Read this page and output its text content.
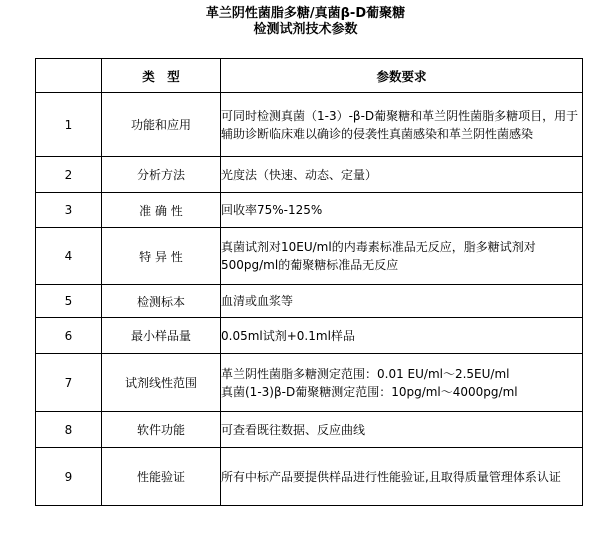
革兰阴性菌脂多糖/真菌β-D葡聚糖
检测试剂技术参数
	类　型	参数要求
1	功能和应用	可同时检测真菌（1-3）-β-D葡聚糖和革兰阴性菌脂多糖项目，用于辅助诊断临床难以确诊的侵袭性真菌感染和革兰阴性菌感染
2	分析方法	光度法（快速、动态、定量）
3	准 确 性	回收率75%-125%
4	特 异 性	真菌试剂对10EU/ml的内毒素标准品无反应，脂多糖试剂对500pg/ml的葡聚糖标准品无反应
5	检测标本	血清或血浆等
6	最小样品量	0.05ml试剂+0.1ml样品
7	试剂线性范围	革兰阴性菌脂多糖测定范围：0.01 EU/ml～2.5EU/ml
真菌(1-3)β-D葡聚糖测定范围：10pg/ml～4000pg/ml

8	软件功能	可查看既往数据、反应曲线
9	性能验证	所有中标产品要提供样品进行性能验证,且取得质量管理体系认证
